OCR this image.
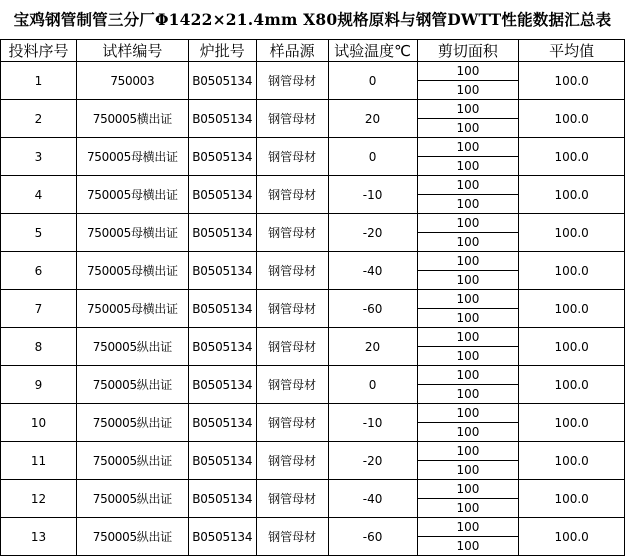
宝鸡钢管制管三分厂Φ1422×21.4mm X80规格原料与钢管DWTT性能数据汇总表
投料序号	试样编号	炉批号	样品源	试验温度℃	剪切面积	平均值
1	750003	B0505134	钢管母材	0	100	100.0
					100	
2	750005横出证	B0505134	钢管母材	20	100	100.0
					100	
3	750005母横出证	B0505134	钢管母材	0	100	100.0
					100	
4	750005母横出证	B0505134	钢管母材	-10	100	100.0
					100	
5	750005母横出证	B0505134	钢管母材	-20	100	100.0
					100	
6	750005母横出证	B0505134	钢管母材	-40	100	100.0
					100	
7	750005母横出证	B0505134	钢管母材	-60	100	100.0
					100	
8	750005纵出证	B0505134	钢管母材	20	100	100.0
					100	
9	750005纵出证	B0505134	钢管母材	0	100	100.0
					100	
10	750005纵出证	B0505134	钢管母材	-10	100	100.0
					100	
11	750005纵出证	B0505134	钢管母材	-20	100	100.0
					100	
12	750005纵出证	B0505134	钢管母材	-40	100	100.0
					100	
13	750005纵出证	B0505134	钢管母材	-60	100	100.0
					100	
